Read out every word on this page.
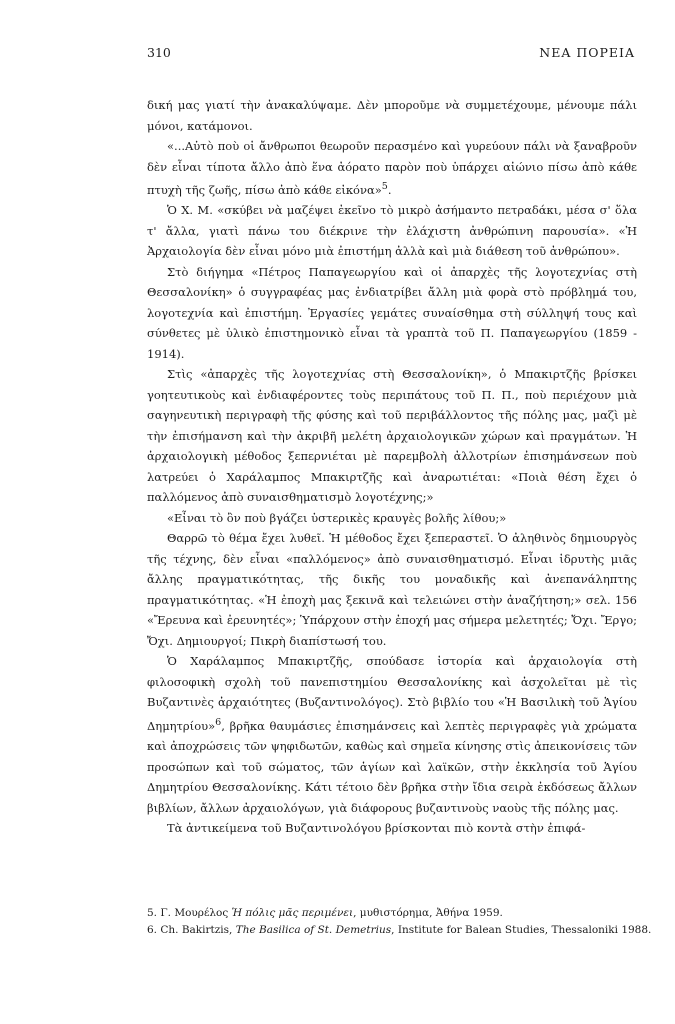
310	ΝΕΑ ΠΟΡΕΙΑ

δική μας γιατί τὴν ἀνακαλύψαμε. Δὲν μποροῦμε νὰ συμμετέχουμε, μένουμε πάλι μόνοι, κατάμονοι.

«...Αὐτὸ ποὺ οἱ ἄνθρωποι θεωροῦν περασμένο καὶ γυρεύουν πάλι νὰ ξαναβροῦν δὲν εἶναι τίποτα ἄλλο ἀπὸ ἕνα ἀόρατο παρὸν ποὺ ὑπάρχει αἰώνιο πίσω ἀπὸ κάθε πτυχὴ τῆς ζωῆς, πίσω ἀπὸ κάθε εἰκόνα»$^5$.

Ὁ Χ. Μ. «σκύβει νὰ μαζέψει ἐκεῖνο τὸ μικρὸ ἀσήμαντο πετραδάκι, μέσα σ' ὅλα τ' ἄλλα, γιατὶ πάνω του διέκρινε τὴν ἐλάχιστη ἀνθρώπινη παρουσία». «Ἡ Ἀρχαιολογία δὲν εἶναι μόνο μιὰ ἐπιστήμη ἀλλὰ καὶ μιὰ διάθεση τοῦ ἀνθρώπου».

Στὸ διήγημα «Πέτρος Παπαγεωργίου καὶ οἱ ἀπαρχὲς τῆς λογοτεχνίας στὴ Θεσσαλονίκη» ὁ συγγραφέας μας ἐνδιατρίβει ἄλλη μιὰ φορὰ στὸ πρόβλημά του, λογοτεχνία καὶ ἐπιστήμη. Ἐργασίες γεμάτες συναίσθημα στὴ σύλληψή τους καὶ σύνθετες μὲ ὑλικὸ ἐπιστημονικὸ εἶναι τὰ γραπτὰ τοῦ Π. Παπαγεωργίου (1859 - 1914).

Στὶς «ἀπαρχὲς τῆς λογοτεχνίας στὴ Θεσσαλονίκη», ὁ Μπακιρτζῆς βρίσκει γοητευτικοὺς καὶ ἐνδιαφέροντες τοὺς περιπάτους τοῦ Π. Π., ποὺ περιέχουν μιὰ σαγηνευτικὴ περιγραφὴ τῆς φύσης καὶ τοῦ περιβάλλοντος τῆς πόλης μας, μαζὶ μὲ τὴν ἐπισήμανση καὶ τὴν ἀκριβῆ μελέτη ἀρχαιολογικῶν χώρων καὶ πραγμάτων. Ἡ ἀρχαιολογικὴ μέθοδος ξεπερνιέται μὲ παρεμβολὴ ἀλλοτρίων ἐπισημάνσεων ποὺ λατρεύει ὁ Χαράλαμπος Μπακιρτζῆς καὶ ἀναρωτιέται: «Ποιὰ θέση ἔχει ὁ παλλόμενος ἀπὸ συναισθηματισμὸ λογοτέχνης;»

«Εἶναι τὸ ὂν ποὺ βγάζει ὑστερικὲς κραυγὲς βολῆς λίθου;»

Θαρρῶ τὸ θέμα ἔχει λυθεῖ. Ἡ μέθοδος ἔχει ξεπεραστεῖ. Ὁ ἀληθινὸς δημιουργὸς τῆς τέχνης, δὲν εἶναι «παλλόμενος» ἀπὸ συναισθηματισμό. Εἶναι ἱδρυτὴς μιᾶς ἄλλης πραγματικότητας, τῆς δικῆς του μοναδικῆς καὶ ἀνεπανάληπτης πραγματικότητας. «Ἡ ἐποχὴ μας ξεκινᾶ καὶ τελειώνει στὴν ἀναζήτηση;» σελ. 156 «Ἔρευνα καὶ ἐρευνητές»; Ὑπάρχουν στὴν ἐποχή μας σήμερα μελετητές; Ὄχι. Ἔργο; Ὄχι. Δημιουργοί; Πικρὴ διαπίστωσή του.

Ὁ Χαράλαμπος Μπακιρτζῆς, σπούδασε ἱστορία καὶ ἀρχαιολογία στὴ φιλοσοφικὴ σχολὴ τοῦ πανεπιστημίου Θεσσαλονίκης καὶ ἀσχολεῖται μὲ τὶς Βυζαντινὲς ἀρχαιότητες (Βυζαντινολόγος). Στὸ βιβλίο του «Ἡ Βασιλικὴ τοῦ Ἁγίου Δημητρίου»$^6$, βρῆκα θαυμάσιες ἐπισημάνσεις καὶ λεπτὲς περιγραφὲς γιὰ χρώματα καὶ ἀποχρώσεις τῶν ψηφιδωτῶν, καθὼς καὶ σημεῖα κίνησης στὶς ἀπεικονίσεις τῶν προσώπων καὶ τοῦ σώματος, τῶν ἁγίων καὶ λαϊκῶν, στὴν ἐκκλησία τοῦ Ἁγίου Δημητρίου Θεσσαλονίκης. Κάτι τέτοιο δὲν βρῆκα στὴν ἴδια σειρὰ ἐκδόσεως ἄλλων βιβλίων, ἄλλων ἀρχαιολόγων, γιὰ διάφορους βυζαντινοὺς ναοὺς τῆς πόλης μας.

Τὰ ἀντικείμενα τοῦ Βυζαντινολόγου βρίσκονται πιὸ κοντὰ στὴν ἐπιφά-

5. Γ. Μουρέλος Ἡ πόλις μᾶς περιμένει, μυθιστόρημα, Ἀθήνα 1959.

6. Ch. Bakirtzis, The Basilica of St. Demetrius, Institute for Balean Studies, Thessaloniki 1988.
